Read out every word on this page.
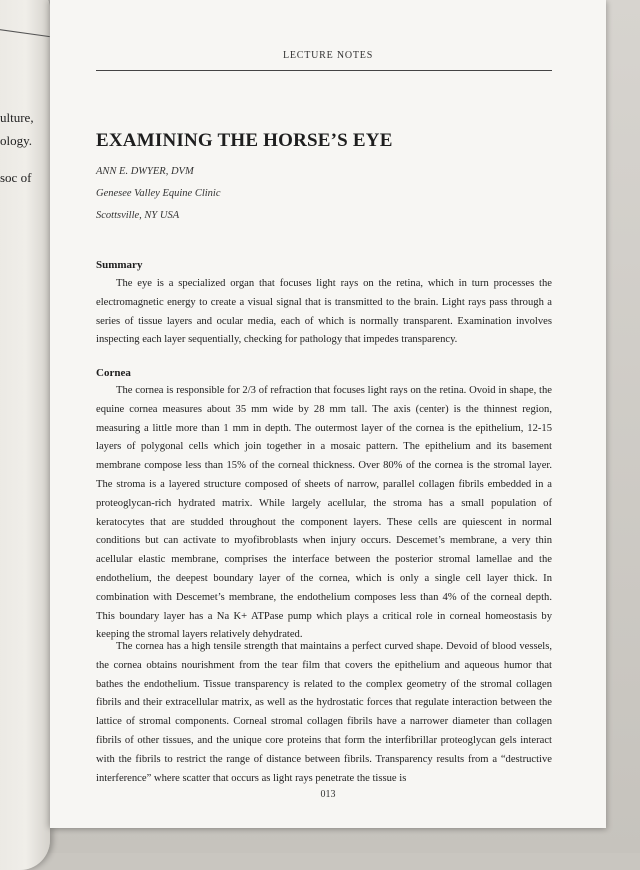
ulture,
ology.
soc of
LECTURE NOTES
EXAMINING THE HORSE’S EYE
ANN E. DWYER, DVM
Genesee Valley Equine Clinic
Scottsville, NY USA
Summary
The eye is a specialized organ that focuses light rays on the retina, which in turn processes the electromagnetic energy to create a visual signal that is transmitted to the brain. Light rays pass through a series of tissue layers and ocular media, each of which is normally transparent. Examination involves inspecting each layer sequentially, checking for pathology that impedes transparency.
Cornea
The cornea is responsible for 2/3 of refraction that focuses light rays on the retina. Ovoid in shape, the equine cornea measures about 35 mm wide by 28 mm tall. The axis (center) is the thinnest region, measuring a little more than 1 mm in depth. The outermost layer of the cornea is the epithelium, 12-15 layers of polygonal cells which join together in a mosaic pattern. The epithelium and its basement membrane compose less than 15% of the corneal thickness. Over 80% of the cornea is the stromal layer. The stroma is a layered structure composed of sheets of narrow, parallel collagen fibrils embedded in a proteoglycan-rich hydrated matrix. While largely acellular, the stroma has a small population of keratocytes that are studded throughout the component layers. These cells are quiescent in normal conditions but can activate to myofibroblasts when injury occurs. Descemet’s membrane, a very thin acellular elastic membrane, comprises the interface between the posterior stromal lamellae and the endothelium, the deepest boundary layer of the cornea, which is only a single cell layer thick. In combination with Descemet’s membrane, the endothelium composes less than 4% of the corneal depth. This boundary layer has a Na K+ ATPase pump which plays a critical role in corneal homeostasis by keeping the stromal layers relatively dehydrated.
The cornea has a high tensile strength that maintains a perfect curved shape. Devoid of blood vessels, the cornea obtains nourishment from the tear film that covers the epithelium and aqueous humor that bathes the endothelium. Tissue transparency is related to the complex geometry of the stromal collagen fibrils and their extracellular matrix, as well as the hydrostatic forces that regulate interaction between the lattice of stromal components. Corneal stromal collagen fibrils have a narrower diameter than collagen fibrils of other tissues, and the unique core proteins that form the interfibrillar proteoglycan gels interact with the fibrils to restrict the range of distance between fibrils. Transparency results from a “destructive interference” where scatter that occurs as light rays penetrate the tissue is
013
